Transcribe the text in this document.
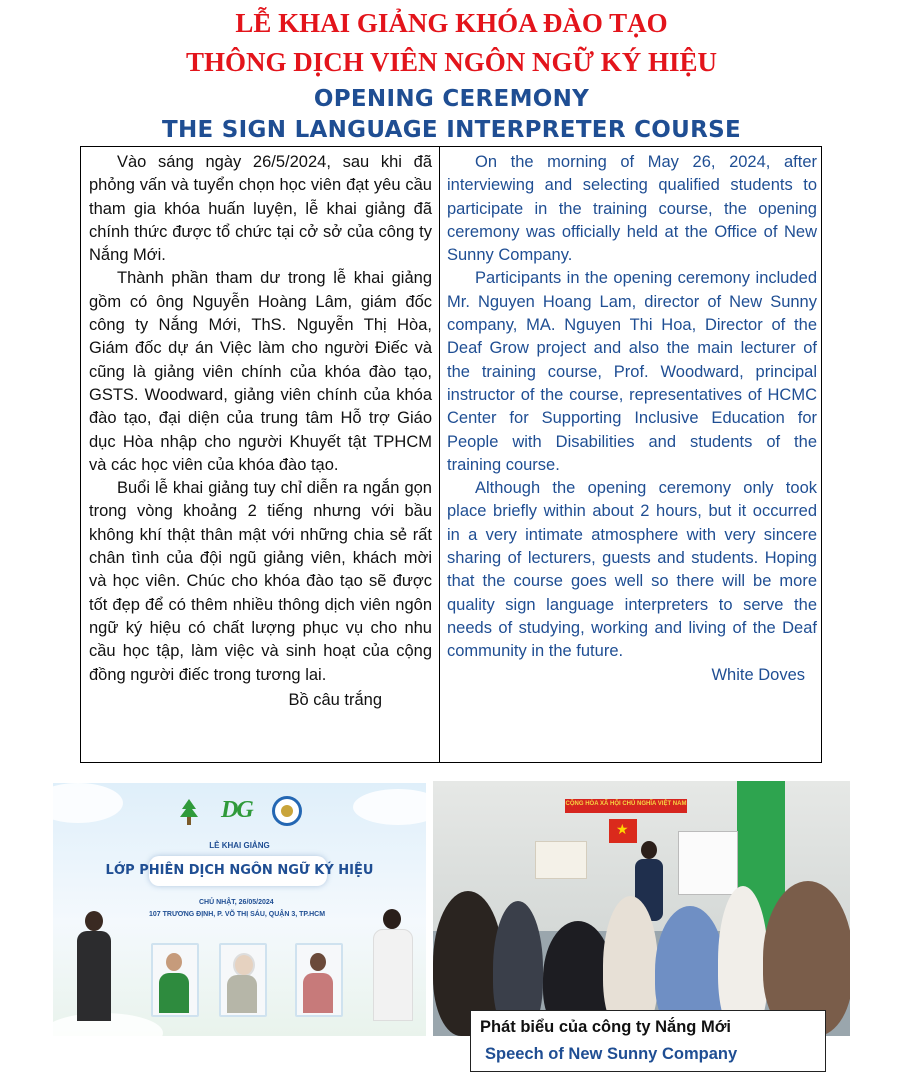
LỄ KHAI GIẢNG KHÓA ĐÀO TẠO
THÔNG DỊCH VIÊN NGÔN NGỮ KÝ HIỆU
OPENING CEREMONY
THE SIGN LANGUAGE INTERPRETER COURSE

Vào sáng ngày 26/5/2024, sau khi đã phỏng vấn và tuyển chọn học viên đạt yêu cầu tham gia khóa huấn luyện, lễ khai giảng đã chính thức được tổ chức tại cở sở của công ty Nắng Mới.

Thành phần tham dư trong lễ khai giảng gồm có ông Nguyễn Hoàng Lâm, giám đốc công ty Nắng Mới, ThS. Nguyễn Thị Hòa, Giám đốc dự án Việc làm cho người Điếc và cũng là giảng viên chính của khóa đào tạo, GSTS. Woodward, giảng viên chính của khóa đào tạo, đại diện của trung tâm Hỗ trợ Giáo dục Hòa nhập cho người Khuyết tật TPHCM và các học viên của khóa đào tạo.

Buổi lễ khai giảng tuy chỉ diễn ra ngắn gọn trong vòng khoảng 2 tiếng nhưng với bầu không khí thật thân mật với những chia sẻ rất chân tình của đội ngũ giảng viên, khách mời và học viên. Chúc cho khóa đào tạo sẽ được tốt đẹp để có thêm nhiều thông dịch viên ngôn ngữ ký hiệu có chất lượng phục vụ cho nhu cầu học tập, làm việc và sinh hoạt của cộng đồng người điếc trong tương lai.

Bồ câu trắng

On the morning of May 26, 2024, after interviewing and selecting qualified students to participate in the training course, the opening ceremony was officially held at the Office of New Sunny Company.

Participants in the opening ceremony included Mr. Nguyen Hoang Lam, director of New Sunny company, MA. Nguyen Thi Hoa, Director of the Deaf Grow project and also the main lecturer of the training course, Prof. Woodward, principal instructor of the course, representatives of HCMC Center for Supporting Inclusive Education for People with Disabilities and students of the training course.

Although the opening ceremony only took place briefly within about 2 hours, but it occurred in a very intimate atmosphere with very sincere sharing of lecturers, guests and students. Hoping that the course goes well so there will be more quality sign language interpreters to serve the needs of studying, working and living of the Deaf community in the future.

White Doves

DG
LỄ KHAI GIẢNG
LỚP PHIÊN DỊCH NGÔN NGỮ KÝ HIỆU
CHỦ NHẬT, 26/05/2024
107 TRƯƠNG ĐỊNH, P. VÕ THỊ SÁU, QUẬN 3, TP.HCM
CỘNG HÒA XÃ HỘI CHỦ NGHĨA VIỆT NAM
★
Phát biểu của công ty Nắng Mới
Speech of New Sunny Company
